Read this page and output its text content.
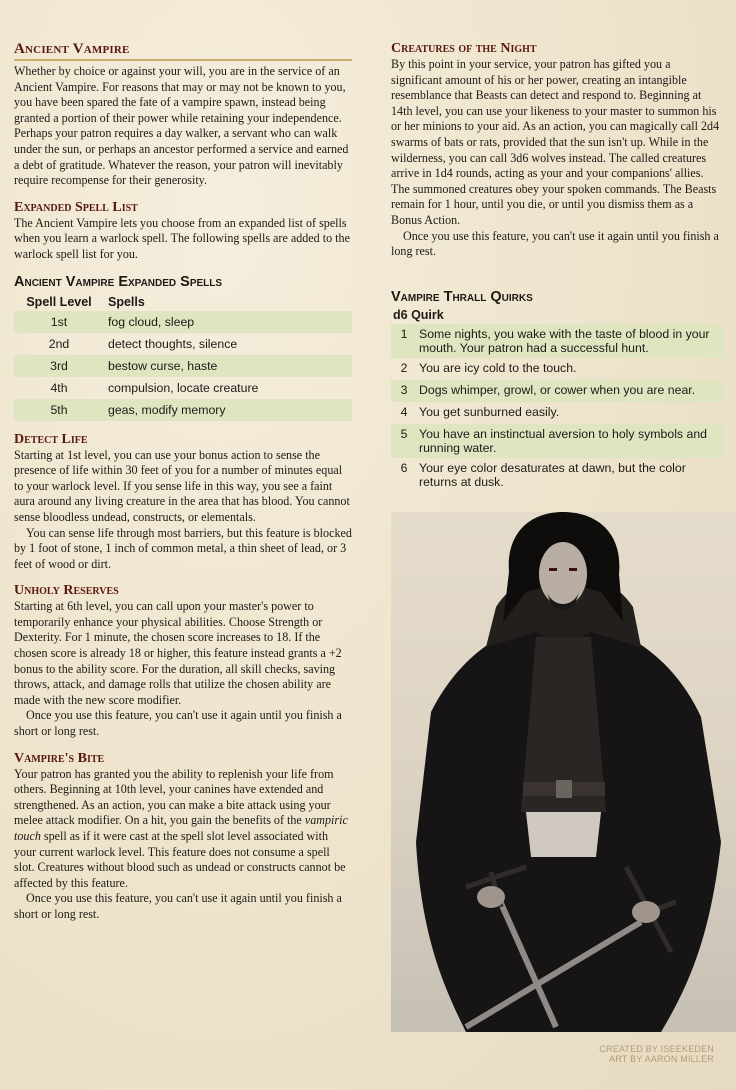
Ancient Vampire

Whether by choice or against your will, you are in the service of an Ancient Vampire. For reasons that may or may not be known to you, you have been spared the fate of a vampire spawn, instead being granted a portion of their power while retaining your independence. Perhaps your patron requires a day walker, a servant who can walk under the sun, or perhaps an ancestor performed a service and earned a debt of gratitude. Whatever the reason, your patron will inevitably require recompense for their generosity.

Expanded Spell List

The Ancient Vampire lets you choose from an expanded list of spells when you learn a warlock spell. The following spells are added to the warlock spell list for you.

Ancient Vampire Expanded Spells
Spell Level	Spells
1st	fog cloud, sleep
2nd	detect thoughts, silence
3rd	bestow curse, haste
4th	compulsion, locate creature
5th	geas, modify memory
Detect Life

Starting at 1st level, you can use your bonus action to sense the presence of life within 30 feet of you for a number of minutes equal to your warlock level. If you sense life in this way, you see a faint aura around any living creature in the area that has blood. You cannot sense bloodless undead, constructs, or elementals.

You can sense life through most barriers, but this feature is blocked by 1 foot of stone, 1 inch of common metal, a thin sheet of lead, or 3 feet of wood or dirt.

Unholy Reserves

Starting at 6th level, you can call upon your master's power to temporarily enhance your physical abilities. Choose Strength or Dexterity. For 1 minute, the chosen score increases to 18. If the chosen score is already 18 or higher, this feature instead grants a +2 bonus to the ability score. For the duration, all skill checks, saving throws, attack, and damage rolls that utilize the chosen ability are made with the new score modifier.

Once you use this feature, you can't use it again until you finish a short or long rest.

Vampire's Bite

Your patron has granted you the ability to replenish your life from others. Beginning at 10th level, your canines have extended and strengthened. As an action, you can make a bite attack using your melee attack modifier. On a hit, you gain the benefits of the vampiric touch spell as if it were cast at the spell slot level associated with your current warlock level. This feature does not consume a spell slot. Creatures without blood such as undead or constructs cannot be affected by this feature.

Once you use this feature, you can't use it again until you finish a short or long rest.

Creatures of the Night

By this point in your service, your patron has gifted you a significant amount of his or her power, creating an intangible resemblance that Beasts can detect and respond to. Beginning at 14th level, you can use your likeness to your master to summon his or her minions to your aid. As an action, you can magically call 2d4 swarms of bats or rats, provided that the sun isn't up. While in the wilderness, you can call 3d6 wolves instead. The called creatures arrive in 1d4 rounds, acting as your and your companions' allies. The summoned creatures obey your spoken commands. The Beasts remain for 1 hour, until you die, or until you dismiss them as a Bonus Action.

Once you use this feature, you can't use it again until you finish a long rest.

Vampire Thrall Quirks
d6 Quirk	
1	Some nights, you wake with the taste of blood in your mouth. Your patron had a successful hunt.
2	You are icy cold to the touch.
3	Dogs whimper, growl, or cower when you are near.
4	You get sunburned easily.
5	You have an instinctual aversion to holy symbols and running water.
6	Your eye color desaturates at dawn, but the color returns at dusk.
CREATED BY ISEEKEDEN
ART BY AARON MILLER
